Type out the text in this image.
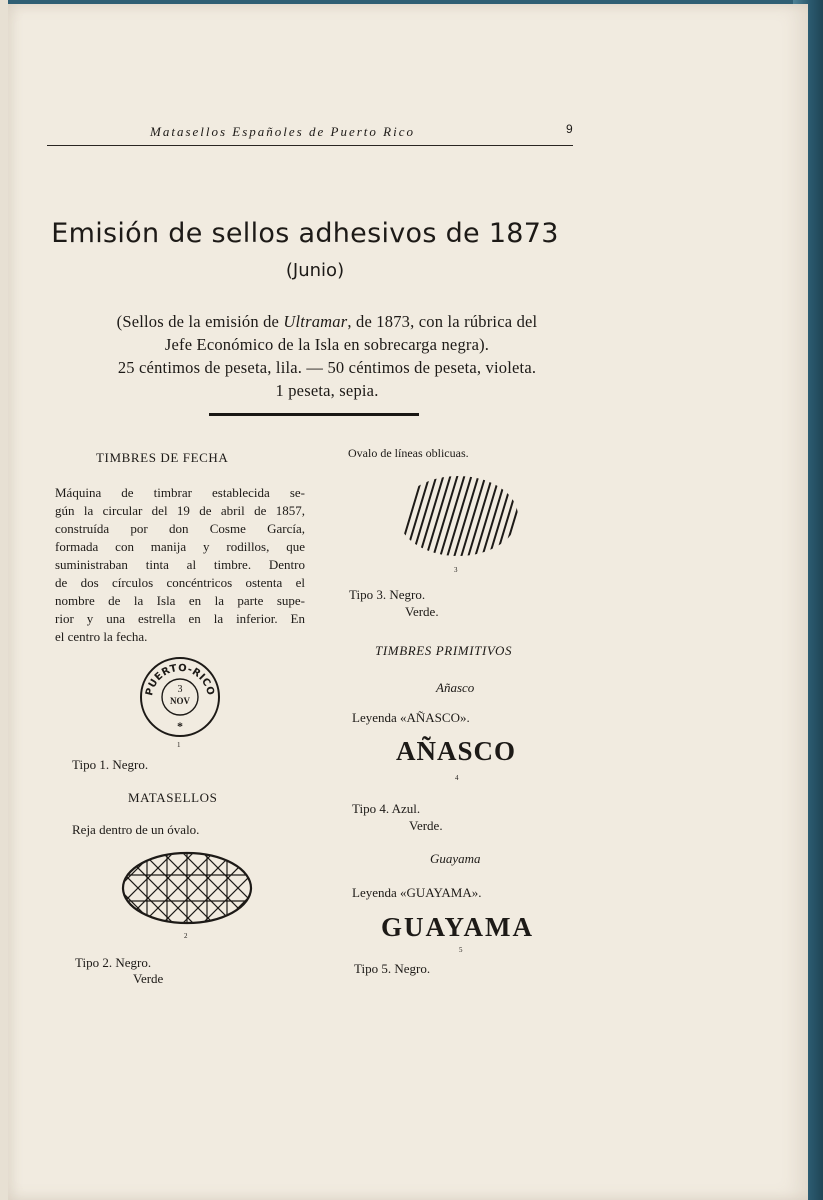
Matasellos Españoles de Puerto Rico	9
Emisión de sellos adhesivos de 1873
(Junio)
(Sellos de la emisión de Ultramar, de 1873, con la rúbrica del
Jefe Económico de la Isla en sobrecarga negra).
25 céntimos de peseta, lila. — 50 céntimos de peseta, violeta.
1 peseta, sepia.
TIMBRES DE FECHA
Máquina de timbrar establecida se-
gún la circular del 19 de abril de 1857,
construída por don Cosme García,
formada con manija y rodillos, que
suministraban tinta al timbre. Dentro
de dos círculos concéntricos ostenta el
nombre de la Isla en la parte supe-
rior y una estrella en la inferior. En
el centro la fecha.
PUERTO-RICO
3
NOV
*
1
Tipo 1. Negro.
MATASELLOS
Reja dentro de un óvalo.
2
Tipo 2. Negro.
Verde
Ovalo de líneas oblicuas.
3
Tipo 3. Negro.
Verde.
TIMBRES PRIMITIVOS
Añasco
Leyenda «AÑASCO».
AÑASCO
4
Tipo 4. Azul.
Verde.
Guayama
Leyenda «GUAYAMA».
GUAYAMA
5
Tipo 5. Negro.
